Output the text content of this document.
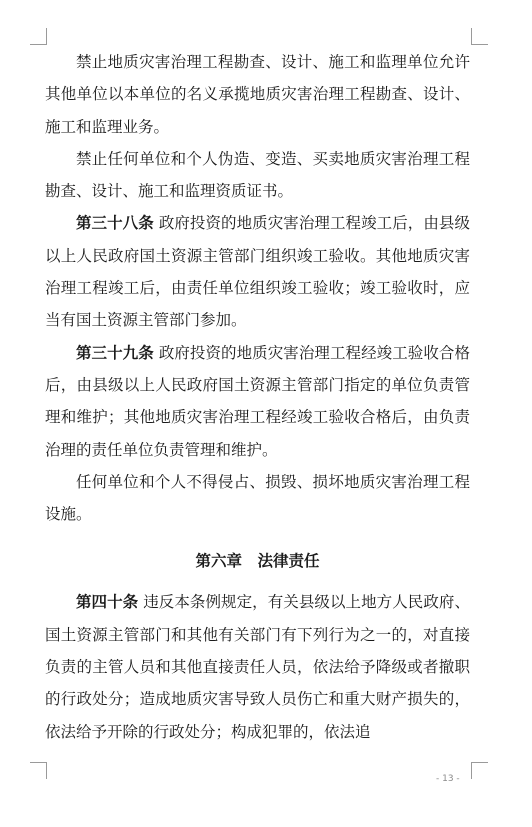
禁止地质灾害治理工程勘查、设计、施工和监理单位允许其他单位以本单位的名义承揽地质灾害治理工程勘查、设计、施工和监理业务。

禁止任何单位和个人伪造、变造、买卖地质灾害治理工程勘查、设计、施工和监理资质证书。

第三十八条 政府投资的地质灾害治理工程竣工后，由县级以上人民政府国土资源主管部门组织竣工验收。其他地质灾害治理工程竣工后，由责任单位组织竣工验收；竣工验收时，应当有国土资源主管部门参加。

第三十九条 政府投资的地质灾害治理工程经竣工验收合格后，由县级以上人民政府国土资源主管部门指定的单位负责管理和维护；其他地质灾害治理工程经竣工验收合格后，由负责治理的责任单位负责管理和维护。

任何单位和个人不得侵占、损毁、损坏地质灾害治理工程设施。

第六章 法律责任

第四十条 违反本条例规定，有关县级以上地方人民政府、国土资源主管部门和其他有关部门有下列行为之一的，对直接负责的主管人员和其他直接责任人员，依法给予降级或者撤职的行政处分；造成地质灾害导致人员伤亡和重大财产损失的，依法给予开除的行政处分；构成犯罪的，依法追

- 13 -
